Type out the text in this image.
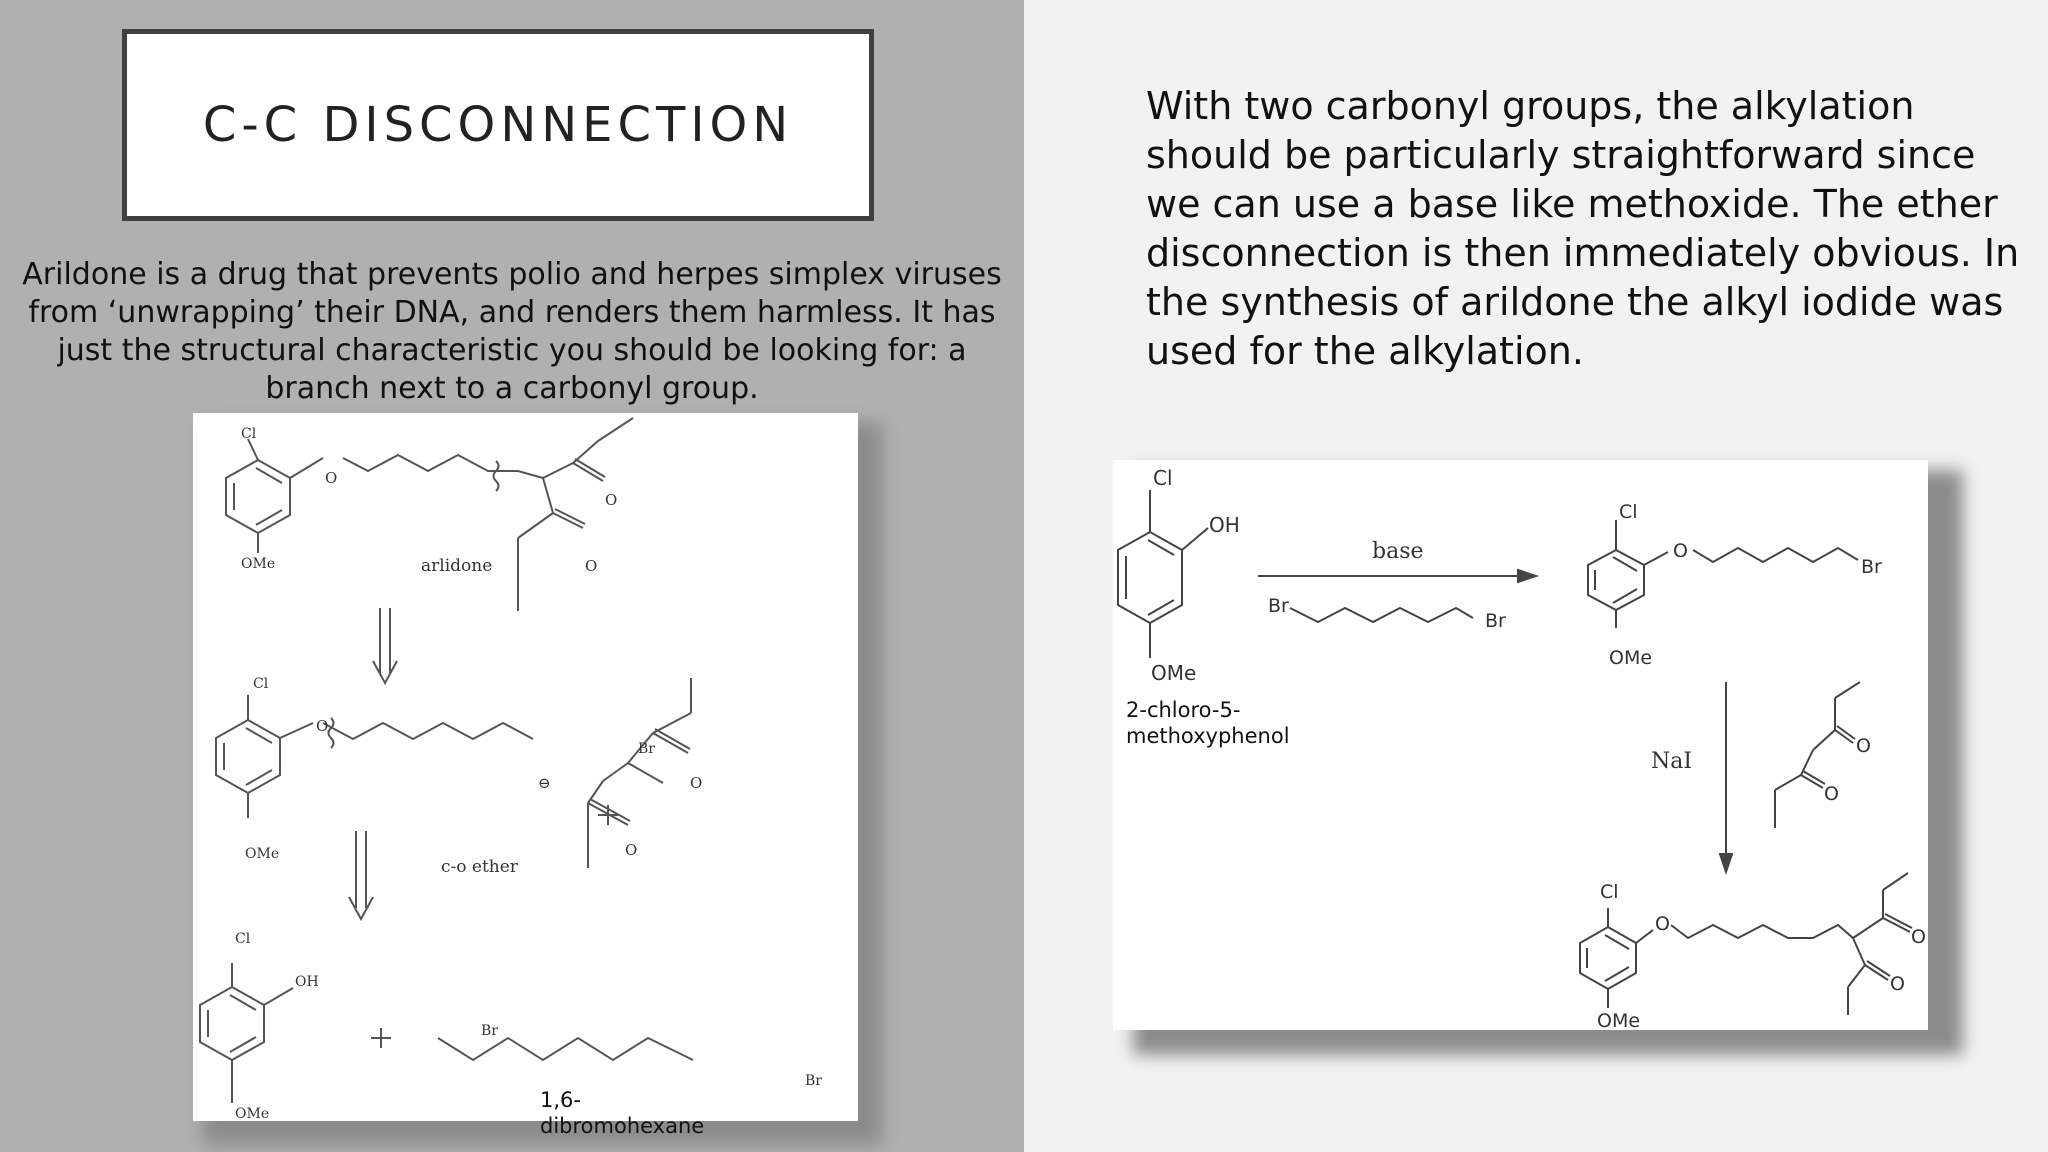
C-C DISCONNECTION
Arildone is a drug that prevents polio and herpes simplex viruses from ‘unwrapping’ their DNA, and renders them harmless. It has just the structural characteristic you should be looking for: a branch next to a carbonyl group.
With two carbonyl groups, the alkylation should be particularly straightforward since we can use a base like methoxide. The ether disconnection is then immediately obvious. In the synthesis of arildone the alkyl iodide was used for the alkylation.
Cl
O
OMe
O
O
arlidone
Cl
O
Br
OMe
⊖	O
O
c-o ether
Cl
OH
OMe
Br
Br
1,6-dibromohexane
Cl
OH
OMe
Br
Br
Cl
O
Br
OMe
O
O
Cl
O
OMe
O
O
base
NaI
2-chloro-5-methoxyphenol
